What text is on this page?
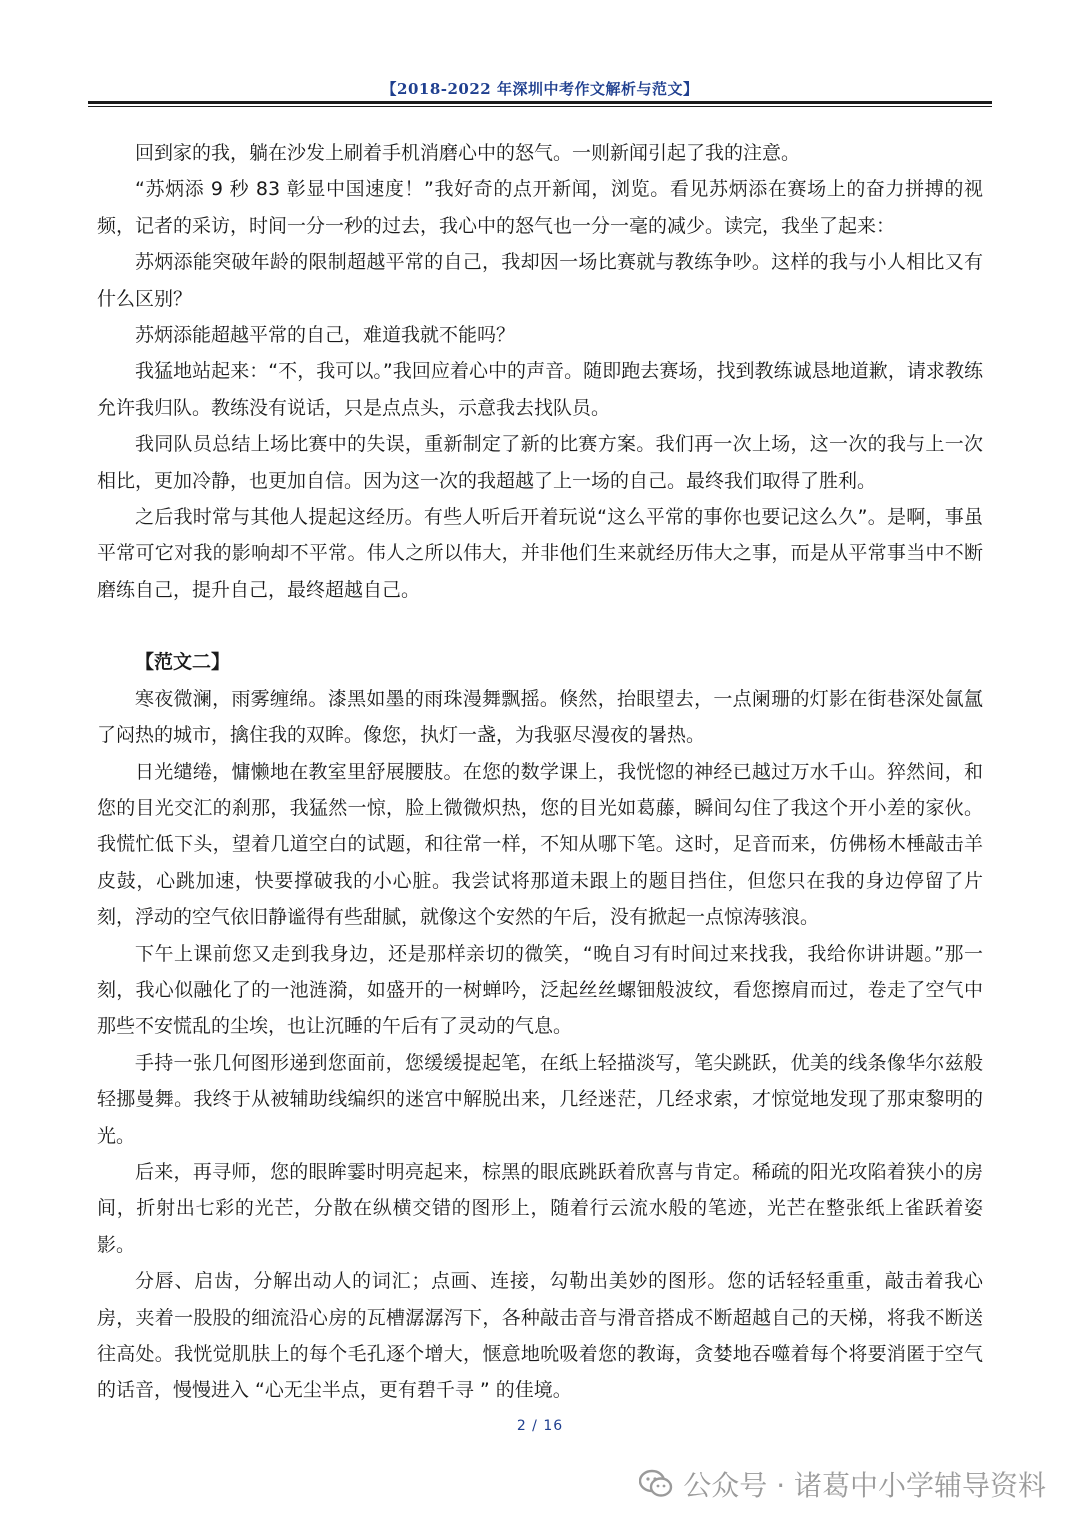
【2018-2022 年深圳中考作文解析与范文】

回到家的我，躺在沙发上刷着手机消磨心中的怒气。一则新闻引起了我的注意。

“苏炳添 9 秒 83 彰显中国速度！”我好奇的点开新闻，浏览。看见苏炳添在赛场上的奋力拼搏的视频，记者的采访，时间一分一秒的过去，我心中的怒气也一分一毫的减少。读完，我坐了起来：

苏炳添能突破年龄的限制超越平常的自己，我却因一场比赛就与教练争吵。这样的我与小人相比又有什么区别？

苏炳添能超越平常的自己，难道我就不能吗？

我猛地站起来：“不，我可以。”我回应着心中的声音。随即跑去赛场，找到教练诚恳地道歉，请求教练允许我归队。教练没有说话，只是点点头，示意我去找队员。

我同队员总结上场比赛中的失误，重新制定了新的比赛方案。我们再一次上场，这一次的我与上一次相比，更加冷静，也更加自信。因为这一次的我超越了上一场的自己。最终我们取得了胜利。

之后我时常与其他人提起这经历。有些人听后开着玩说“这么平常的事你也要记这么久”。是啊，事虽平常可它对我的影响却不平常。伟人之所以伟大，并非他们生来就经历伟大之事，而是从平常事当中不断磨练自己，提升自己，最终超越自己。

【范文二】

寒夜微澜，雨雾缠绵。漆黑如墨的雨珠漫舞飘摇。倏然，抬眼望去，一点阑珊的灯影在街巷深处氤氲了闷热的城市，擒住我的双眸。像您，执灯一盏，为我驱尽漫夜的暑热。

日光缱绻，慵懒地在教室里舒展腰肢。在您的数学课上，我恍惚的神经已越过万水千山。猝然间，和您的目光交汇的刹那，我猛然一惊，脸上微微炽热，您的目光如葛藤，瞬间勾住了我这个开小差的家伙。我慌忙低下头，望着几道空白的试题，和往常一样，不知从哪下笔。这时，足音而来，仿佛杨木棰敲击羊皮鼓，心跳加速，快要撑破我的小心脏。我尝试将那道未跟上的题目挡住，但您只在我的身边停留了片刻，浮动的空气依旧静谧得有些甜腻，就像这个安然的午后，没有掀起一点惊涛骇浪。

下午上课前您又走到我身边，还是那样亲切的微笑，“晚自习有时间过来找我，我给你讲讲题。”那一刻，我心似融化了的一池涟漪，如盛开的一树蝉吟，泛起丝丝螺钿般波纹，看您擦肩而过，卷走了空气中那些不安慌乱的尘埃，也让沉睡的午后有了灵动的气息。

手持一张几何图形递到您面前，您缓缓提起笔，在纸上轻描淡写，笔尖跳跃，优美的线条像华尔兹般轻挪曼舞。我终于从被辅助线编织的迷宫中解脱出来，几经迷茫，几经求索，才惊觉地发现了那束黎明的光。

后来，再寻师，您的眼眸霎时明亮起来，棕黑的眼底跳跃着欣喜与肯定。稀疏的阳光攻陷着狭小的房间，折射出七彩的光芒，分散在纵横交错的图形上，随着行云流水般的笔迹，光芒在整张纸上雀跃着姿影。

分唇、启齿，分解出动人的词汇；点画、连接，勾勒出美妙的图形。您的话轻轻重重，敲击着我心房，夹着一股股的细流沿心房的瓦槽潺潺泻下，各种敲击音与滑音搭成不断超越自己的天梯，将我不断送往高处。我恍觉肌肤上的每个毛孔逐个增大，惬意地吮吸着您的教诲，贪婪地吞噬着每个将要消匿于空气的话音，慢慢进入 “心无尘半点，更有碧千寻 ” 的佳境。

2 / 16
公众号 · 诸葛中小学辅导资料
